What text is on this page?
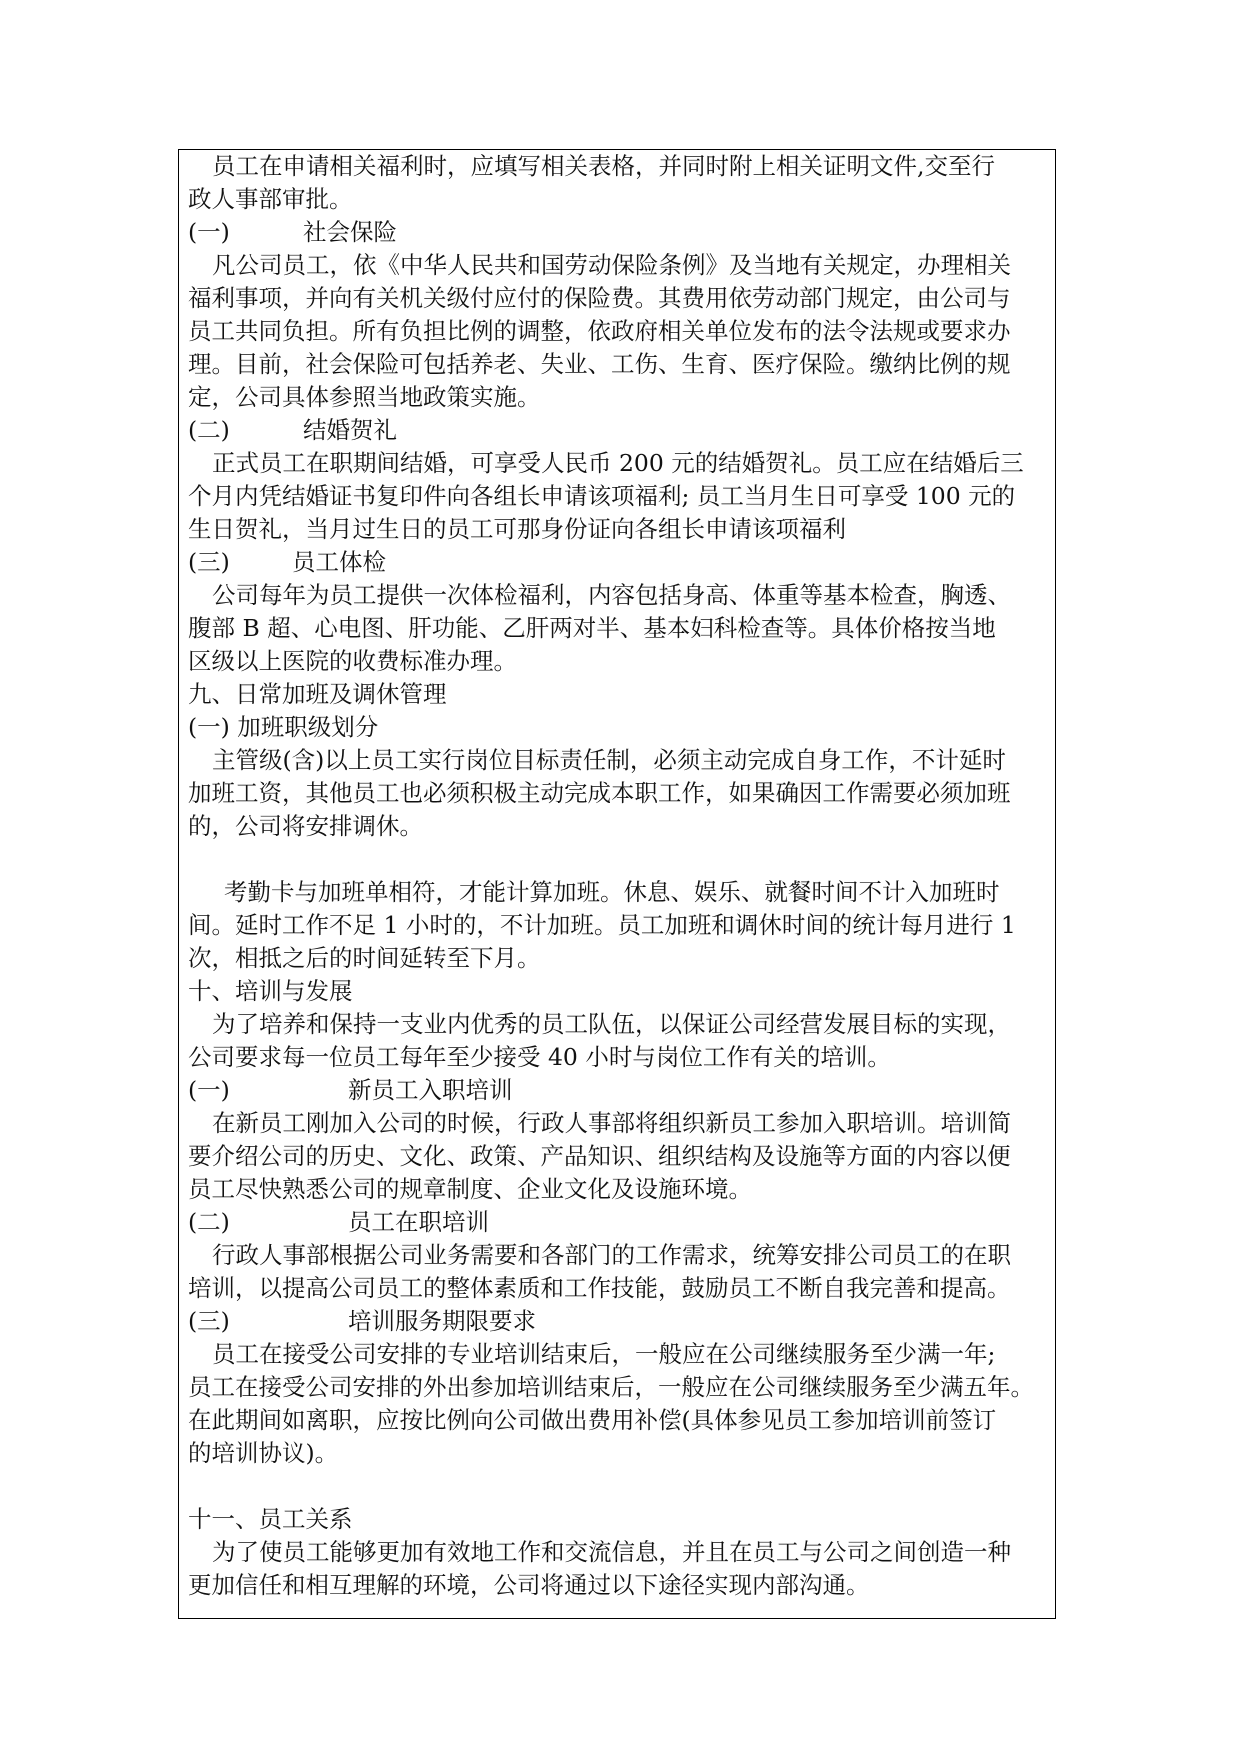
员工在申请相关福利时，应填写相关表格，并同时附上相关证明文件,交至行
政人事部审批。
(一)	社会保险
凡公司员工，依《中华人民共和国劳动保险条例》及当地有关规定，办理相关
福利事项，并向有关机关级付应付的保险费。其费用依劳动部门规定，由公司与
员工共同负担。所有负担比例的调整，依政府相关单位发布的法令法规或要求办
理。目前，社会保险可包括养老、失业、工伤、生育、医疗保险。缴纳比例的规
定，公司具体参照当地政策实施。
(二)	结婚贺礼
正式员工在职期间结婚，可享受人民币 200 元的结婚贺礼。员工应在结婚后三
个月内凭结婚证书复印件向各组长申请该项福利; 员工当月生日可享受 100 元的
生日贺礼，当月过生日的员工可那身份证向各组长申请该项福利
(三)	员工体检
公司每年为员工提供一次体检福利，内容包括身高、体重等基本检查，胸透、
腹部 B 超、心电图、肝功能、乙肝两对半、基本妇科检查等。具体价格按当地
区级以上医院的收费标准办理。
九、日常加班及调休管理
(一) 加班职级划分
主管级(含)以上员工实行岗位目标责任制，必须主动完成自身工作，不计延时
加班工资，其他员工也必须积极主动完成本职工作，如果确因工作需要必须加班
的，公司将安排调休。
考勤卡与加班单相符，才能计算加班。休息、娱乐、就餐时间不计入加班时
间。延时工作不足 1 小时的，不计加班。员工加班和调休时间的统计每月进行 1
次，相抵之后的时间延转至下月。
十、培训与发展
为了培养和保持一支业内优秀的员工队伍，以保证公司经营发展目标的实现，
公司要求每一位员工每年至少接受 40 小时与岗位工作有关的培训。
(一)	新员工入职培训
在新员工刚加入公司的时候，行政人事部将组织新员工参加入职培训。培训简
要介绍公司的历史、文化、政策、产品知识、组织结构及设施等方面的内容以便
员工尽快熟悉公司的规章制度、企业文化及设施环境。
(二)	员工在职培训
行政人事部根据公司业务需要和各部门的工作需求，统筹安排公司员工的在职
培训，以提高公司员工的整体素质和工作技能，鼓励员工不断自我完善和提高。
(三)	培训服务期限要求
员工在接受公司安排的专业培训结束后，一般应在公司继续服务至少满一年;
员工在接受公司安排的外出参加培训结束后，一般应在公司继续服务至少满五年。
在此期间如离职，应按比例向公司做出费用补偿(具体参见员工参加培训前签订
的培训协议)。
十一、员工关系
为了使员工能够更加有效地工作和交流信息，并且在员工与公司之间创造一种
更加信任和相互理解的环境，公司将通过以下途径实现内部沟通。
